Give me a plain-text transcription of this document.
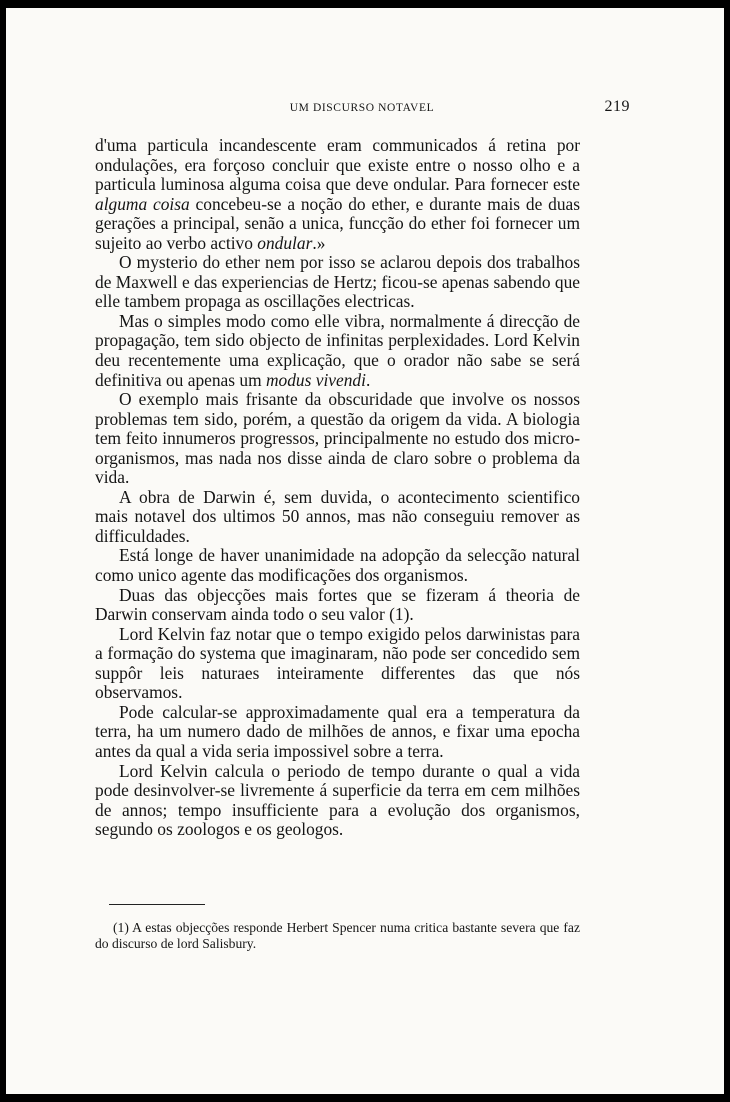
UM DISCURSO NOTAVEL	219

d'uma particula incandescente eram communicados á retina por ondulações, era forçoso concluir que existe entre o nosso olho e a particula luminosa alguma coisa que deve ondular. Para fornecer este alguma coisa concebeu-se a noção do ether, e durante mais de duas gerações a principal, senão a unica, funcção do ether foi fornecer um sujeito ao verbo activo ondular.»

O mysterio do ether nem por isso se aclarou depois dos trabalhos de Maxwell e das experiencias de Hertz; ficou-se apenas sabendo que elle tambem propaga as oscillações electricas.

Mas o simples modo como elle vibra, normalmente á direcção de propagação, tem sido objecto de infinitas perplexidades. Lord Kelvin deu recentemente uma explicação, que o orador não sabe se será definitiva ou apenas um modus vivendi.

O exemplo mais frisante da obscuridade que involve os nossos problemas tem sido, porém, a questão da origem da vida. A biologia tem feito innumeros progressos, principalmente no estudo dos micro-organismos, mas nada nos disse ainda de claro sobre o problema da vida.

A obra de Darwin é, sem duvida, o acontecimento scientifico mais notavel dos ultimos 50 annos, mas não conseguiu remover as difficuldades.

Está longe de haver unanimidade na adopção da selecção natural como unico agente das modificações dos organismos.

Duas das objecções mais fortes que se fizeram á theoria de Darwin conservam ainda todo o seu valor (1).

Lord Kelvin faz notar que o tempo exigido pelos darwinistas para a formação do systema que imaginaram, não pode ser concedido sem suppôr leis naturaes inteiramente differentes das que nós observamos.

Pode calcular-se approximadamente qual era a temperatura da terra, ha um numero dado de milhões de annos, e fixar uma epocha antes da qual a vida seria impossivel sobre a terra.

Lord Kelvin calcula o periodo de tempo durante o qual a vida pode desinvolver-se livremente á superficie da terra em cem milhões de annos; tempo insufficiente para a evolução dos organismos, segundo os zoologos e os geologos.

(1) A estas objecções responde Herbert Spencer numa critica bastante severa que faz do discurso de lord Salisbury.
